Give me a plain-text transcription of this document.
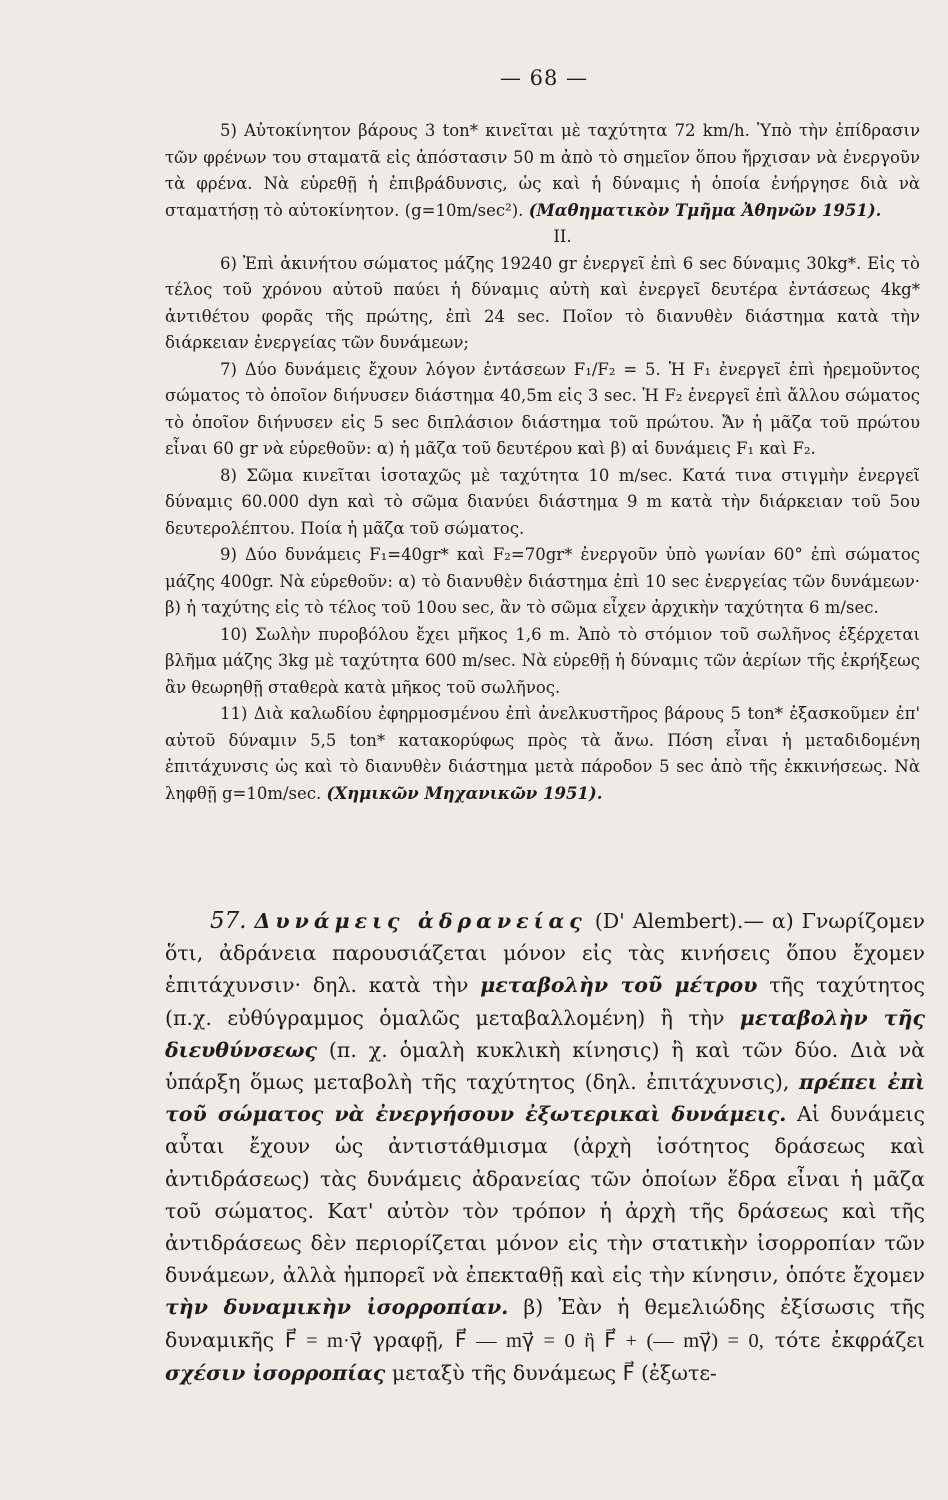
— 68 —

5) Αὐτοκίνητον βάρους 3 ton* κινεῖται μὲ ταχύτητα 72 km/h. Ὑπὸ τὴν ἐπίδρασιν τῶν φρένων του σταματᾶ εἰς ἀπόστασιν 50 m ἀπὸ τὸ σημεῖον ὅπου ἤρχισαν νὰ ἐνεργοῦν τὰ φρένα. Νὰ εὑρεθῇ ἡ ἐπιβράδυνσις, ὡς καὶ ἡ δύναμις ἡ ὁποία ἐνήργησε διὰ νὰ σταματήσῃ τὸ αὐτοκίνητον. (g=10m/sec²). (Μαθηματικὸν Τμῆμα Ἀθηνῶν 1951).

II.

6) Ἐπὶ ἀκινήτου σώματος μάζης 19240 gr ἐνεργεῖ ἐπὶ 6 sec δύναμις 30kg*. Εἰς τὸ τέλος τοῦ χρόνου αὐτοῦ παύει ἡ δύναμις αὐτὴ καὶ ἐνεργεῖ δευτέρα ἐντάσεως 4kg* ἀντιθέτου φορᾶς τῆς πρώτης, ἐπὶ 24 sec. Ποῖον τὸ διανυθὲν διάστημα κατὰ τὴν διάρκειαν ἐνεργείας τῶν δυνάμεων;

7) Δύο δυνάμεις ἔχουν λόγον ἐντάσεων F₁/F₂ = 5. Ἡ F₁ ἐνεργεῖ ἐπὶ ἠρεμοῦντος σώματος τὸ ὁποῖον διήνυσεν διάστημα 40,5m εἰς 3 sec. Ἡ F₂ ἐνεργεῖ ἐπὶ ἄλλου σώματος τὸ ὁποῖον διήνυσεν εἰς 5 sec διπλάσιον διάστημα τοῦ πρώτου. Ἄν ἡ μᾶζα τοῦ πρώτου εἶναι 60 gr νὰ εὑρεθοῦν: α) ἡ μᾶζα τοῦ δευτέρου καὶ β) αἱ δυνάμεις F₁ καὶ F₂.

8) Σῶμα κινεῖται ἰσοταχῶς μὲ ταχύτητα 10 m/sec. Κατά τινα στιγμὴν ἐνεργεῖ δύναμις 60.000 dyn καὶ τὸ σῶμα διανύει διάστημα 9 m κατὰ τὴν διάρκειαν τοῦ 5ου δευτερολέπτου. Ποία ἡ μᾶζα τοῦ σώματος.

9) Δύο δυνάμεις F₁=40gr* καὶ F₂=70gr* ἐνεργοῦν ὑπὸ γωνίαν 60° ἐπὶ σώματος μάζης 400gr. Νὰ εὑρεθοῦν: α) τὸ διανυθὲν διάστημα ἐπὶ 10 sec ἐνεργείας τῶν δυνάμεων· β) ἡ ταχύτης εἰς τὸ τέλος τοῦ 10ου sec, ἂν τὸ σῶμα εἶχεν ἀρχικὴν ταχύτητα 6 m/sec.

10) Σωλὴν πυροβόλου ἔχει μῆκος 1,6 m. Ἀπὸ τὸ στόμιον τοῦ σωλῆνος ἐξέρχεται βλῆμα μάζης 3kg μὲ ταχύτητα 600 m/sec. Νὰ εὑρεθῇ ἡ δύναμις τῶν ἀερίων τῆς ἐκρήξεως ἂν θεωρηθῇ σταθερὰ κατὰ μῆκος τοῦ σωλῆνος.

11) Διὰ καλωδίου ἐφηρμοσμένου ἐπὶ ἀνελκυστῆρος βάρους 5 ton* ἐξασκοῦμεν ἐπ' αὐτοῦ δύναμιν 5,5 ton* κατακορύφως πρὸς τὰ ἄνω. Πόση εἶναι ἡ μεταδιδομένη ἐπιτάχυνσις ὡς καὶ τὸ διανυθὲν διάστημα μετὰ πάροδον 5 sec ἀπὸ τῆς ἐκκινήσεως. Νὰ ληφθῇ g=10m/sec. (Χημικῶν Μηχανικῶν 1951).

57. Δυνάμεις ἀδρανείας (D' Alembert).— α) Γνωρίζομεν ὅτι, ἀδράνεια παρουσιάζεται μόνον εἰς τὰς κινήσεις ὅπου ἔχομεν ἐπιτάχυνσιν· δηλ. κατὰ τὴν μεταβολὴν τοῦ μέτρου τῆς ταχύτητος (π.χ. εὐθύγραμμος ὁμαλῶς μεταβαλλομένη) ἢ τὴν μεταβολὴν τῆς διευθύνσεως (π. χ. ὁμαλὴ κυκλικὴ κίνησις) ἢ καὶ τῶν δύο. Διὰ νὰ ὑπάρξη ὅμως μεταβολὴ τῆς ταχύτητος (δηλ. ἐπιτάχυνσις), πρέπει ἐπὶ τοῦ σώματος νὰ ἐνεργήσουν ἐξωτερικαὶ δυνάμεις. Αἱ δυνάμεις αὗται ἔχουν ὡς ἀντιστάθμισμα (ἀρχὴ ἰσότητος δράσεως καὶ ἀντιδράσεως) τὰς δυνάμεις ἀδρανείας τῶν ὁποίων ἕδρα εἶναι ἡ μᾶζα τοῦ σώματος. Κατ' αὐτὸν τὸν τρόπον ἡ ἀρχὴ τῆς δράσεως καὶ τῆς ἀντιδράσεως δὲν περιορίζεται μόνον εἰς τὴν στατικὴν ἰσορροπίαν τῶν δυνάμεων, ἀλλὰ ἠμπορεῖ νὰ ἐπεκταθῇ καὶ εἰς τὴν κίνησιν, ὁπότε ἔχομεν τὴν δυναμικὴν ἰσορροπίαν. β) Ἐὰν ἡ θεμελιώδης ἐξίσωσις τῆς δυναμικῆς F⃗ = m·γ⃗ γραφῇ, F⃗ — mγ⃗ = 0 ἢ F⃗ + (— mγ⃗) = 0, τότε ἐκφράζει σχέσιν ἰσορροπίας μεταξὺ τῆς δυνάμεως F⃗ (ἐξωτε-
